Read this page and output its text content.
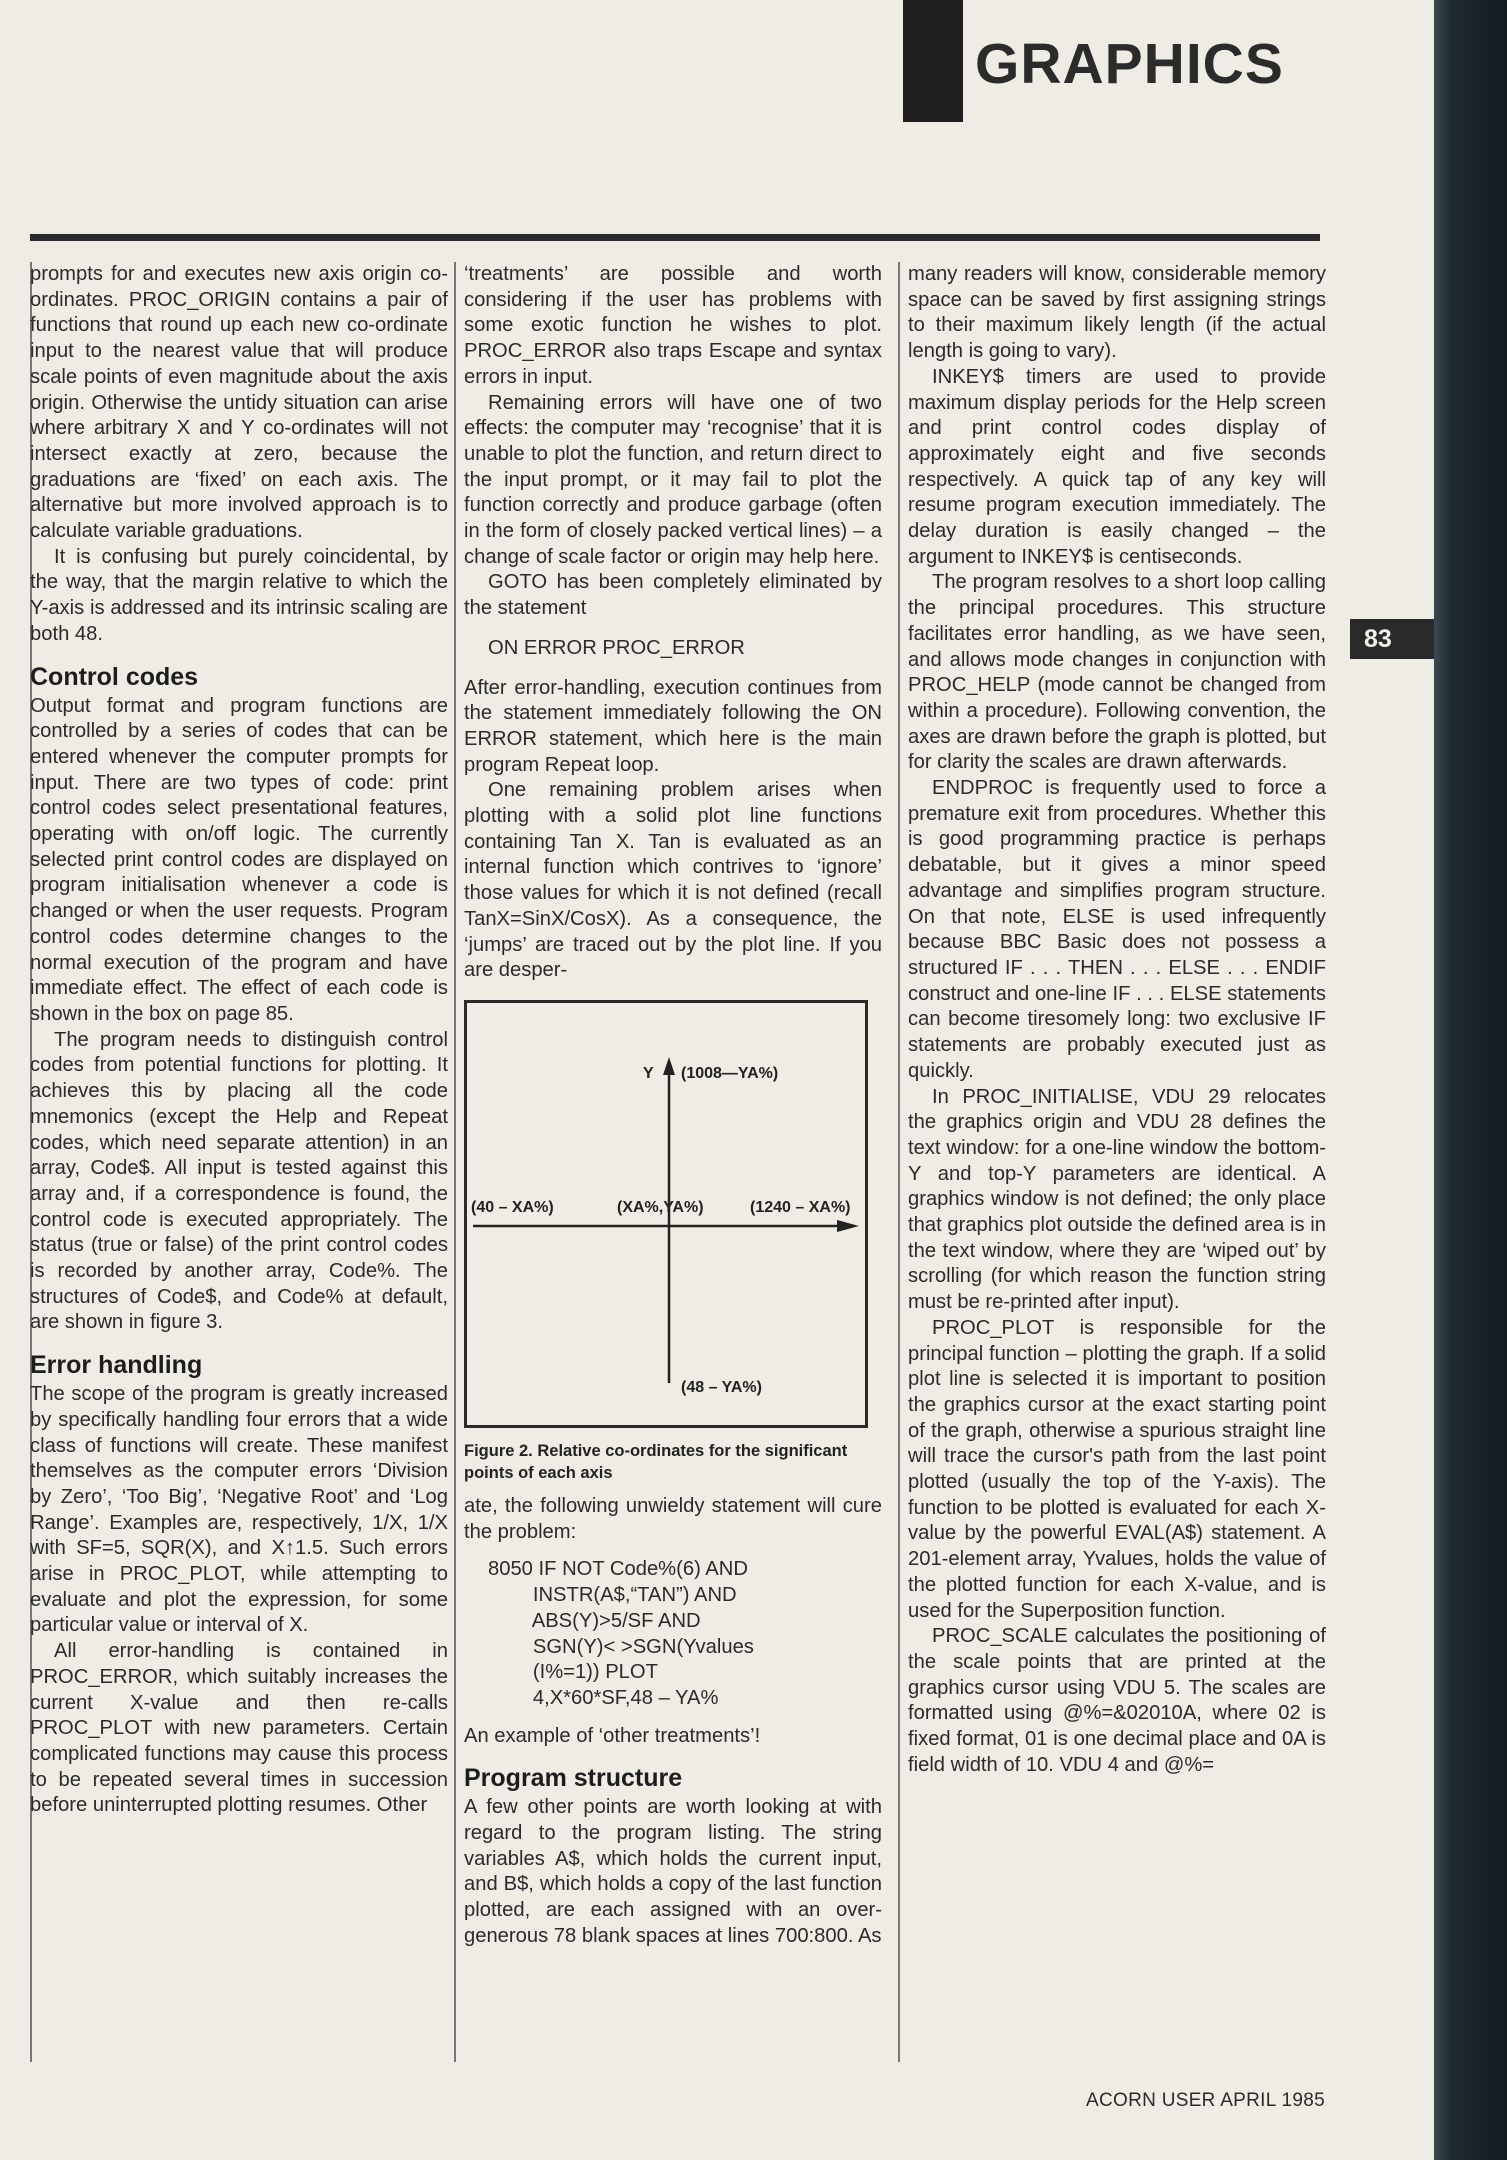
GRAPHICS

prompts for and executes new axis origin co-ordinates. PROC_ORIGIN contains a pair of functions that round up each new co-ordinate input to the nearest value that will produce scale points of even magnitude about the axis origin. Otherwise the untidy situation can arise where arbitrary X and Y co-ordinates will not intersect exactly at zero, because the graduations are ‘fixed’ on each axis. The alternative but more involved approach is to calculate variable graduations.

It is confusing but purely coincidental, by the way, that the margin relative to which the Y-axis is addressed and its intrinsic scaling are both 48.

Control codes

Output format and program functions are controlled by a series of codes that can be entered whenever the computer prompts for input. There are two types of code: print control codes select presentational features, operating with on/off logic. The currently selected print control codes are displayed on program initialisation whenever a code is changed or when the user requests. Program control codes determine changes to the normal execution of the program and have immediate effect. The effect of each code is shown in the box on page 85.

The program needs to distinguish control codes from potential functions for plotting. It achieves this by placing all the code mnemonics (except the Help and Repeat codes, which need separate attention) in an array, Code$. All input is tested against this array and, if a correspondence is found, the control code is executed appropriately. The status (true or false) of the print control codes is recorded by another array, Code%. The structures of Code$, and Code% at default, are shown in figure 3.

Error handling

The scope of the program is greatly increased by specifically handling four errors that a wide class of functions will create. These manifest themselves as the computer errors ‘Division by Zero’, ‘Too Big’, ‘Negative Root’ and ‘Log Range’. Examples are, respectively, 1/X, 1/X with SF=5, SQR(X), and X↑1.5. Such errors arise in PROC_PLOT, while attempting to evaluate and plot the expression, for some particular value or interval of X.

All error-handling is contained in PROC_ERROR, which suitably increases the current X-value and then re-calls PROC_PLOT with new parameters. Certain complicated functions may cause this process to be repeated several times in succession before uninterrupted plotting resumes. Other

‘treatments’ are possible and worth considering if the user has problems with some exotic function he wishes to plot. PROC_ERROR also traps Escape and syntax errors in input.

Remaining errors will have one of two effects: the computer may ‘recognise’ that it is unable to plot the function, and return direct to the input prompt, or it may fail to plot the function correctly and produce garbage (often in the form of closely packed vertical lines) – a change of scale factor or origin may help here.

GOTO has been completely eliminated by the statement

ON ERROR PROC_ERROR

After error-handling, execution continues from the statement immediately following the ON ERROR statement, which here is the main program Repeat loop.

One remaining problem arises when plotting with a solid plot line functions containing Tan X. Tan is evaluated as an internal function which contrives to ‘ignore’ those values for which it is not defined (recall TanX=SinX/CosX). As a consequence, the ‘jumps’ are traced out by the plot line. If you are desper-

Y (1008—YA%)
(40 – XA%)	(XA%,YA%)	(1240 – XA%)
(48 – YA%)
Figure 2. Relative co-ordinates for the significant points of each axis

ate, the following unwieldy statement will cure the problem:

8050 IF NOT Code%(6) AND
INSTR(A$,“TAN”) AND
ABS(Y)>5/SF AND
SGN(Y)< >SGN(Yvalues
(I%=1)) PLOT
4,X*60*SF,48 – YA%

An example of ‘other treatments’!

Program structure

A few other points are worth looking at with regard to the program listing. The string variables A$, which holds the current input, and B$, which holds a copy of the last function plotted, are each assigned with an over-generous 78 blank spaces at lines 700:800. As

many readers will know, considerable memory space can be saved by first assigning strings to their maximum likely length (if the actual length is going to vary).

INKEY$ timers are used to provide maximum display periods for the Help screen and print control codes display of approximately eight and five seconds respectively. A quick tap of any key will resume program execution immediately. The delay duration is easily changed – the argument to INKEY$ is centiseconds.

The program resolves to a short loop calling the principal procedures. This structure facilitates error handling, as we have seen, and allows mode changes in conjunction with PROC_HELP (mode cannot be changed from within a procedure). Following convention, the axes are drawn before the graph is plotted, but for clarity the scales are drawn afterwards.

ENDPROC is frequently used to force a premature exit from procedures. Whether this is good programming practice is perhaps debatable, but it gives a minor speed advantage and simplifies program structure. On that note, ELSE is used infrequently because BBC Basic does not possess a structured IF . . . THEN . . . ELSE . . . ENDIF construct and one-line IF . . . ELSE statements can become tiresomely long: two exclusive IF statements are probably executed just as quickly.

In PROC_INITIALISE, VDU 29 relocates the graphics origin and VDU 28 defines the text window: for a one-line window the bottom-Y and top-Y parameters are identical. A graphics window is not defined; the only place that graphics plot outside the defined area is in the text window, where they are ‘wiped out’ by scrolling (for which reason the function string must be re-printed after input).

PROC_PLOT is responsible for the principal function – plotting the graph. If a solid plot line is selected it is important to position the graphics cursor at the exact starting point of the graph, otherwise a spurious straight line will trace the cursor's path from the last point plotted (usually the top of the Y-axis). The function to be plotted is evaluated for each X-value by the powerful EVAL(A$) statement. A 201-element array, Yvalues, holds the value of the plotted function for each X-value, and is used for the Superposition function.

PROC_SCALE calculates the positioning of the scale points that are printed at the graphics cursor using VDU 5. The scales are formatted using @%=&02010A, where 02 is fixed format, 01 is one decimal place and 0A is field width of 10. VDU 4 and @%=

83
ACORN USER APRIL 1985
